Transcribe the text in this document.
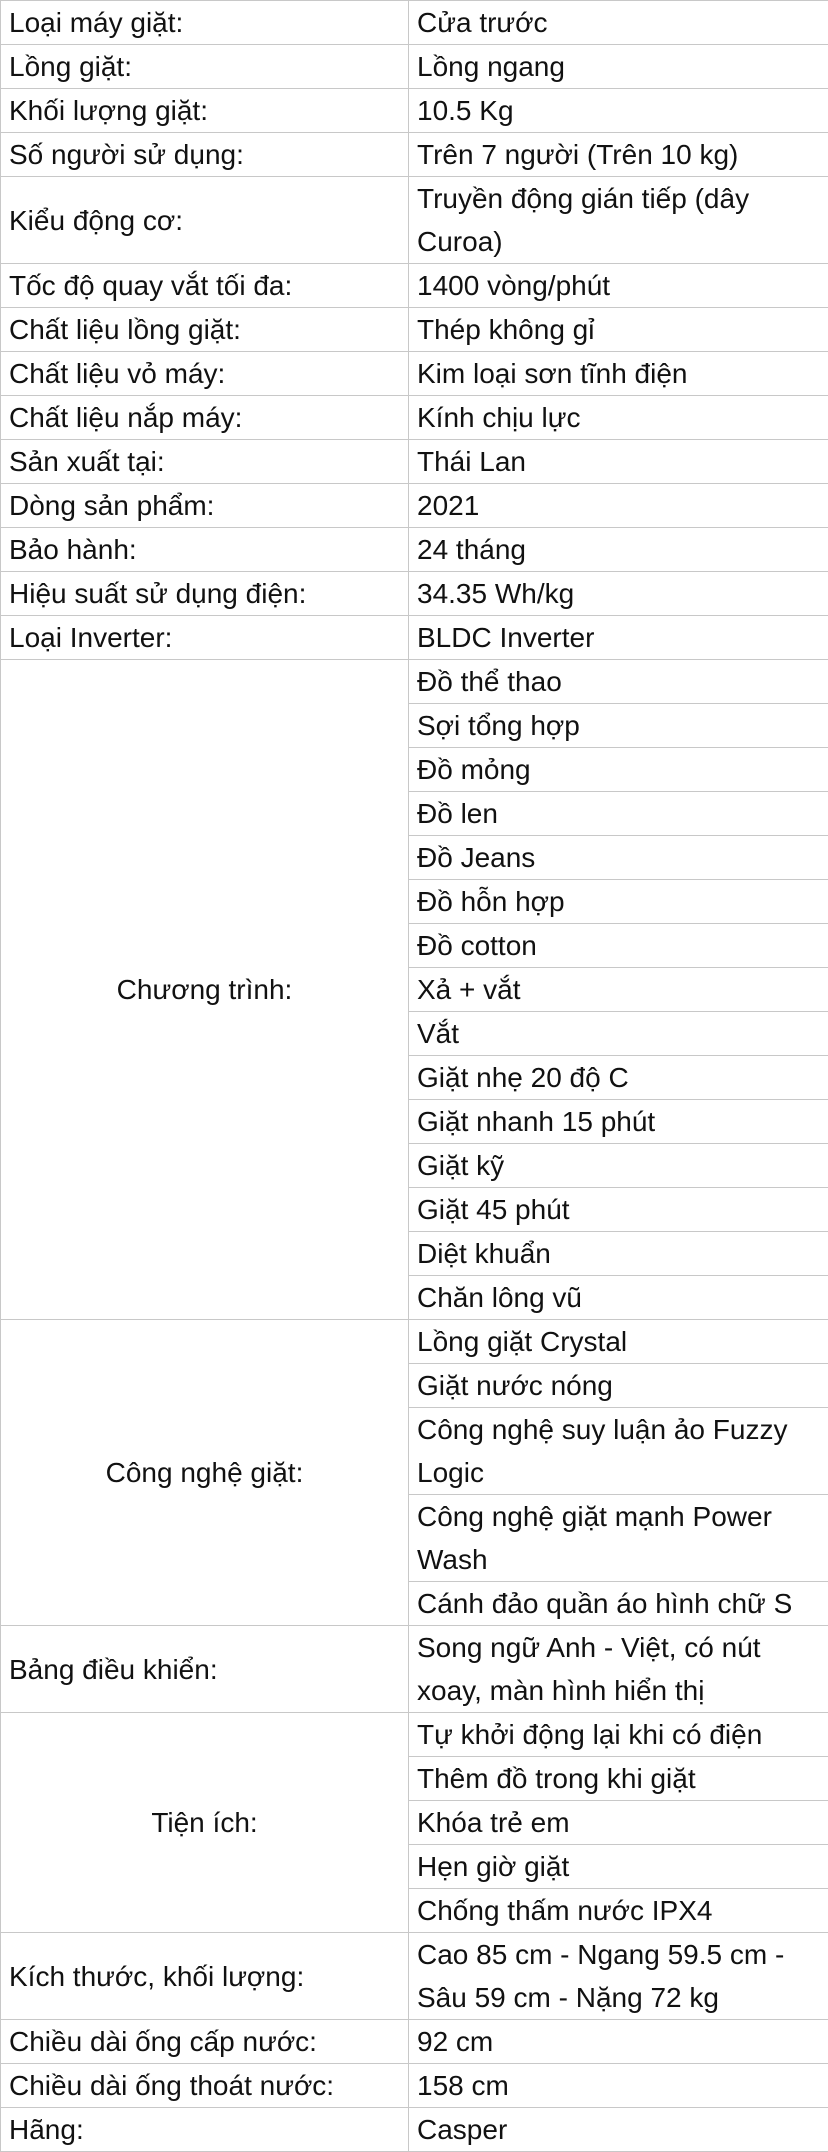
Loại máy giặt:	Cửa trước
Lồng giặt:	Lồng ngang
Khối lượng giặt:	10.5 Kg
Số người sử dụng:	Trên 7 người (Trên 10 kg)
Kiểu động cơ:	Truyền động gián tiếp (dây Curoa)
Tốc độ quay vắt tối đa:	1400 vòng/phút
Chất liệu lồng giặt:	Thép không gỉ
Chất liệu vỏ máy:	Kim loại sơn tĩnh điện
Chất liệu nắp máy:	Kính chịu lực
Sản xuất tại:	Thái Lan
Dòng sản phẩm:	2021
Bảo hành:	24 tháng
Hiệu suất sử dụng điện:	34.35 Wh/kg
Loại Inverter:	BLDC Inverter
Chương trình:	Đồ thể thao
	Sợi tổng hợp
	Đồ mỏng
	Đồ len
	Đồ Jeans
	Đồ hỗn hợp
	Đồ cotton
	Xả + vắt
	Vắt
	Giặt nhẹ 20 độ C
	Giặt nhanh 15 phút
	Giặt kỹ
	Giặt 45 phút
	Diệt khuẩn
	Chăn lông vũ
Công nghệ giặt:	Lồng giặt Crystal
	Giặt nước nóng
	Công nghệ suy luận ảo Fuzzy Logic
	Công nghệ giặt mạnh Power Wash
	Cánh đảo quần áo hình chữ S
Bảng điều khiển:	Song ngữ Anh - Việt, có nút xoay, màn hình hiển thị
Tiện ích:	Tự khởi động lại khi có điện
	Thêm đồ trong khi giặt
	Khóa trẻ em
	Hẹn giờ giặt
	Chống thấm nước IPX4
Kích thước, khối lượng:	Cao 85 cm - Ngang 59.5 cm - Sâu 59 cm - Nặng 72 kg
Chiều dài ống cấp nước:	92 cm
Chiều dài ống thoát nước:	158 cm
Hãng:	Casper
